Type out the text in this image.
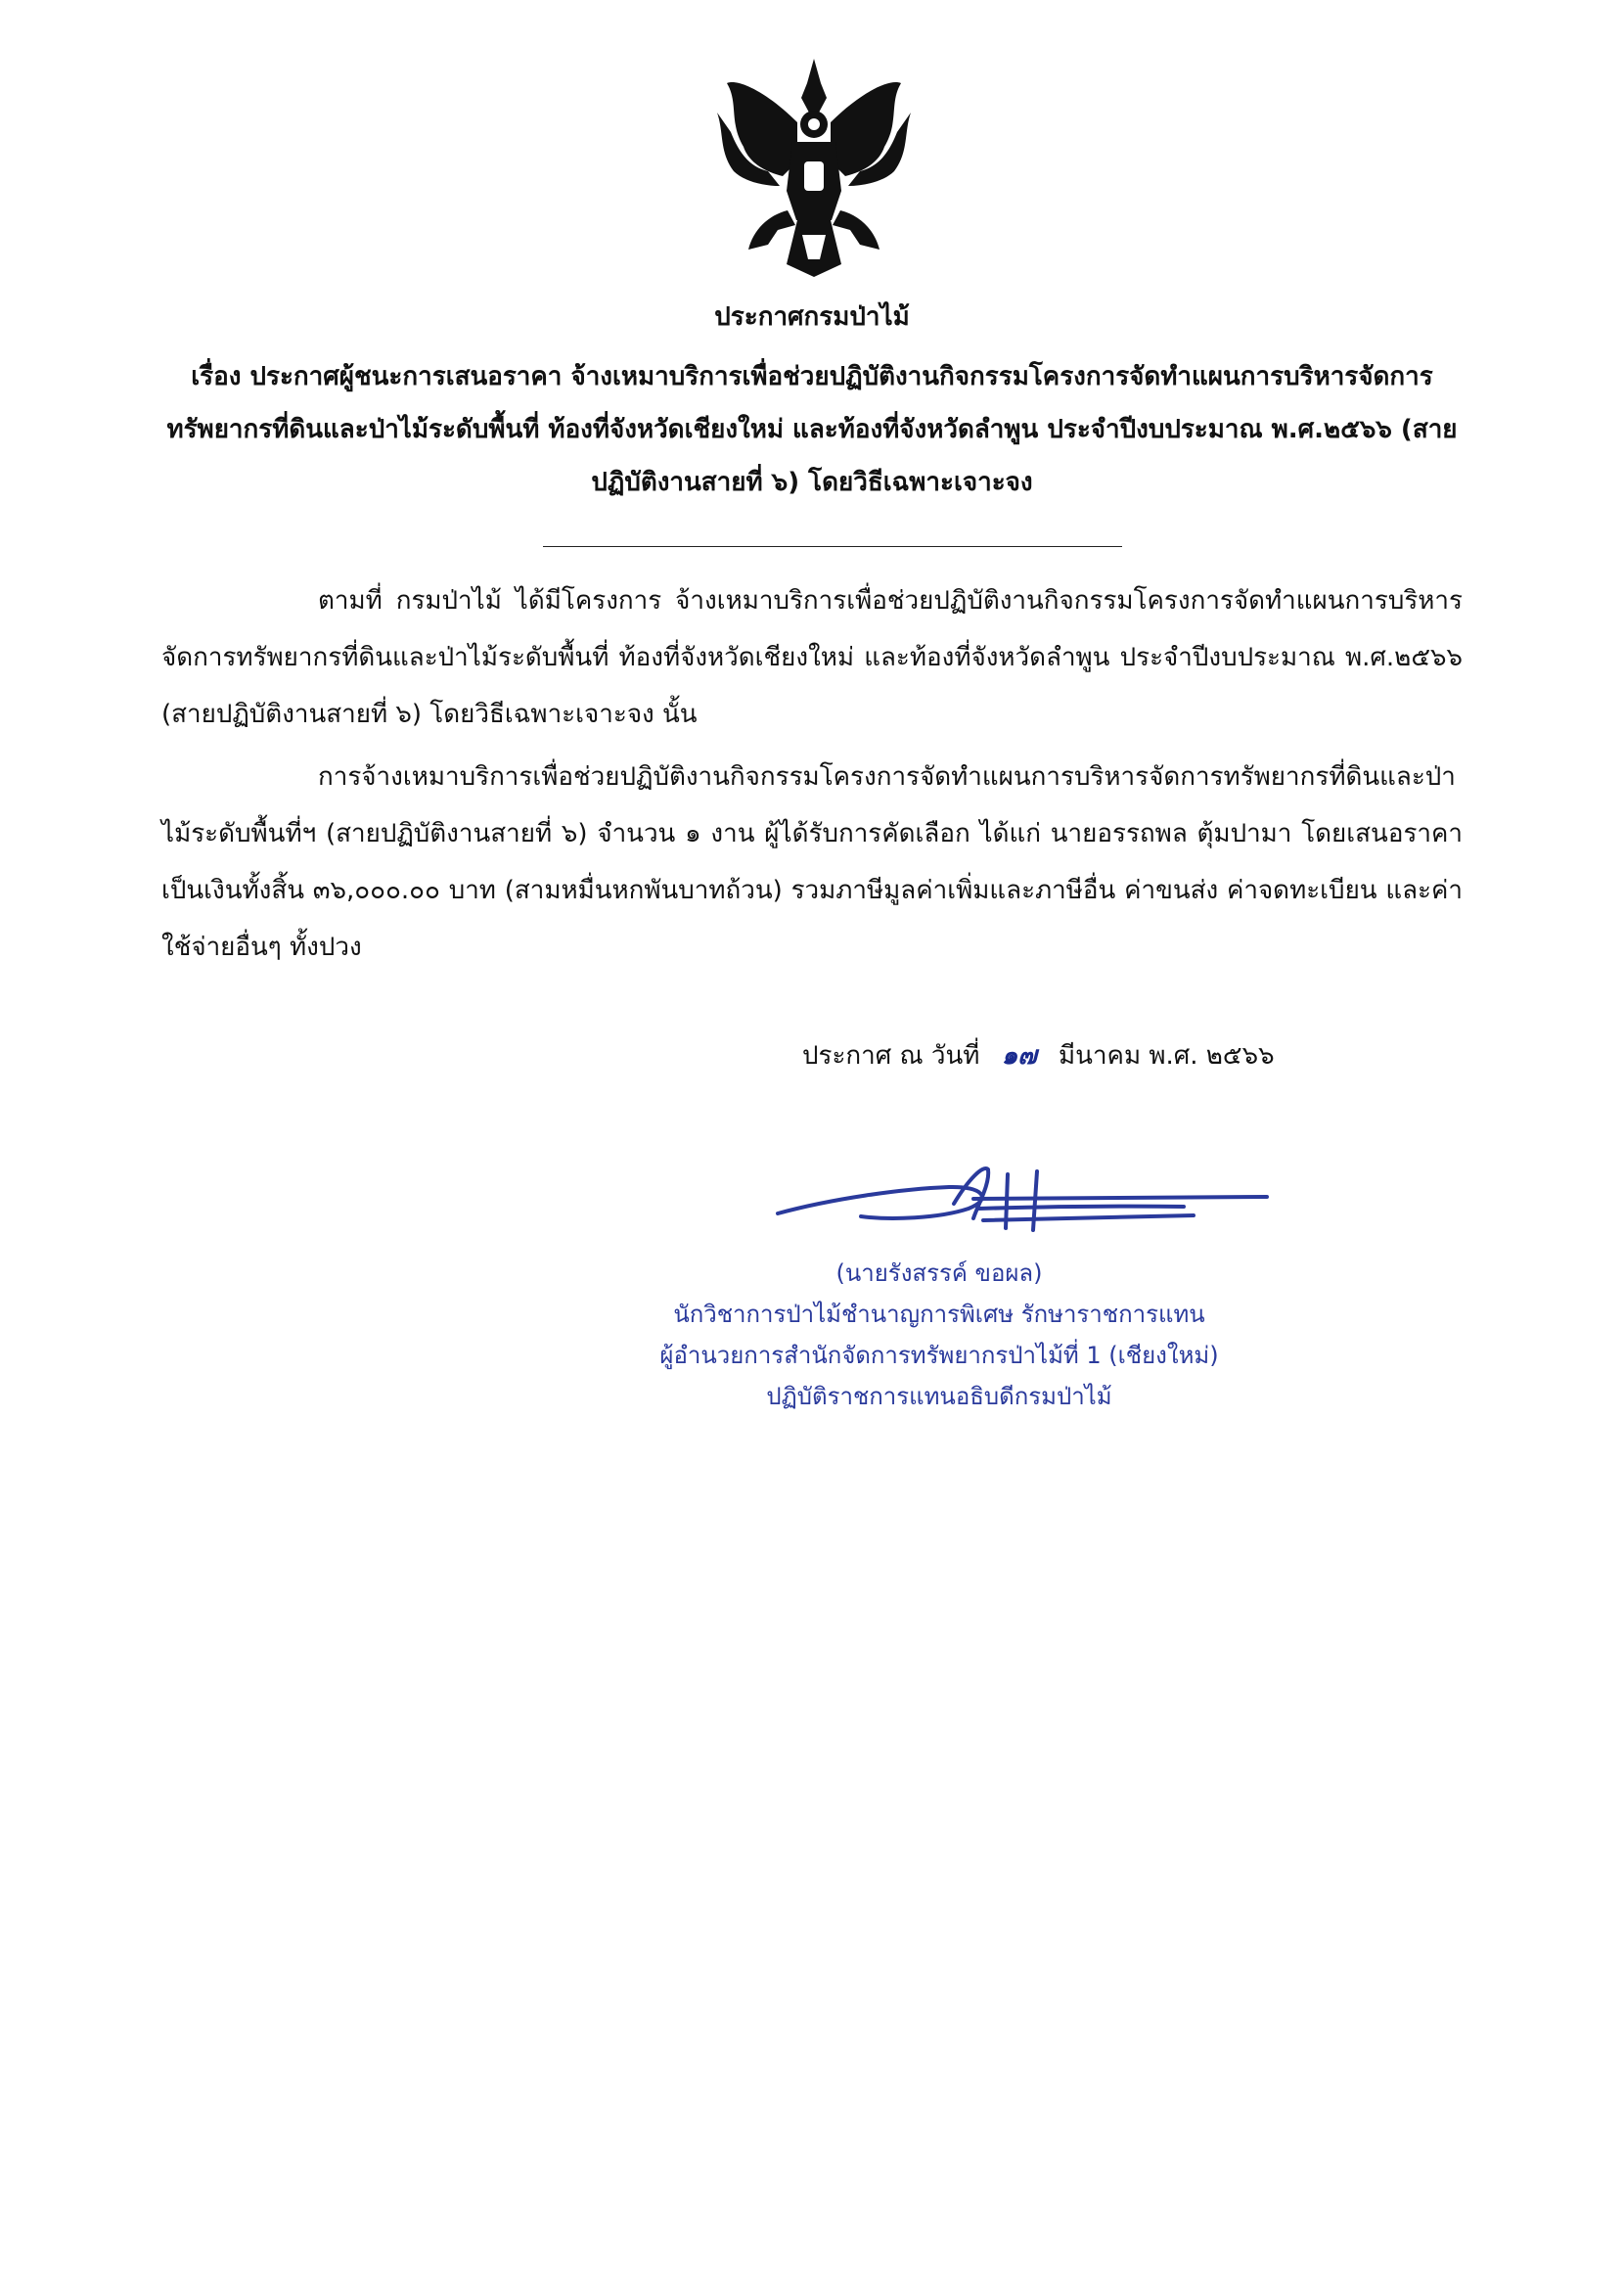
ประกาศกรมป่าไม้
เรื่อง ประกาศผู้ชนะการเสนอราคา จ้างเหมาบริการเพื่อช่วยปฏิบัติงานกิจกรรมโครงการจัดทำแผนการบริหารจัดการทรัพยากรที่ดินและป่าไม้ระดับพื้นที่ ท้องที่จังหวัดเชียงใหม่ และท้องที่จังหวัดลำพูน ประจำปีงบประมาณ พ.ศ.๒๕๖๖ (สายปฏิบัติงานสายที่ ๖) โดยวิธีเฉพาะเจาะจง
ตามที่ กรมป่าไม้ ได้มีโครงการ จ้างเหมาบริการเพื่อช่วยปฏิบัติงานกิจกรรมโครงการจัดทำแผนการบริหารจัดการทรัพยากรที่ดินและป่าไม้ระดับพื้นที่ ท้องที่จังหวัดเชียงใหม่ และท้องที่จังหวัดลำพูน ประจำปีงบประมาณ พ.ศ.๒๕๖๖ (สายปฏิบัติงานสายที่ ๖) โดยวิธีเฉพาะเจาะจง นั้น
การจ้างเหมาบริการเพื่อช่วยปฏิบัติงานกิจกรรมโครงการจัดทำแผนการบริหารจัดการทรัพยากรที่ดินและป่าไม้ระดับพื้นที่ฯ (สายปฏิบัติงานสายที่ ๖) จำนวน ๑ งาน ผู้ได้รับการคัดเลือก ได้แก่ นายอรรถพล ตุ้มปามา โดยเสนอราคา เป็นเงินทั้งสิ้น ๓๖,๐๐๐.๐๐ บาท (สามหมื่นหกพันบาทถ้วน) รวมภาษีมูลค่าเพิ่มและภาษีอื่น ค่าขนส่ง ค่าจดทะเบียน และค่าใช้จ่ายอื่นๆ ทั้งปวง
ประกาศ ณ วันที่ ๑๗ มีนาคม พ.ศ. ๒๕๖๖
(นายรังสรรค์ ขอผล)
นักวิชาการป่าไม้ชำนาญการพิเศษ รักษาราชการแทน
ผู้อำนวยการสำนักจัดการทรัพยากรป่าไม้ที่ 1 (เชียงใหม่)
ปฏิบัติราชการแทนอธิบดีกรมป่าไม้
